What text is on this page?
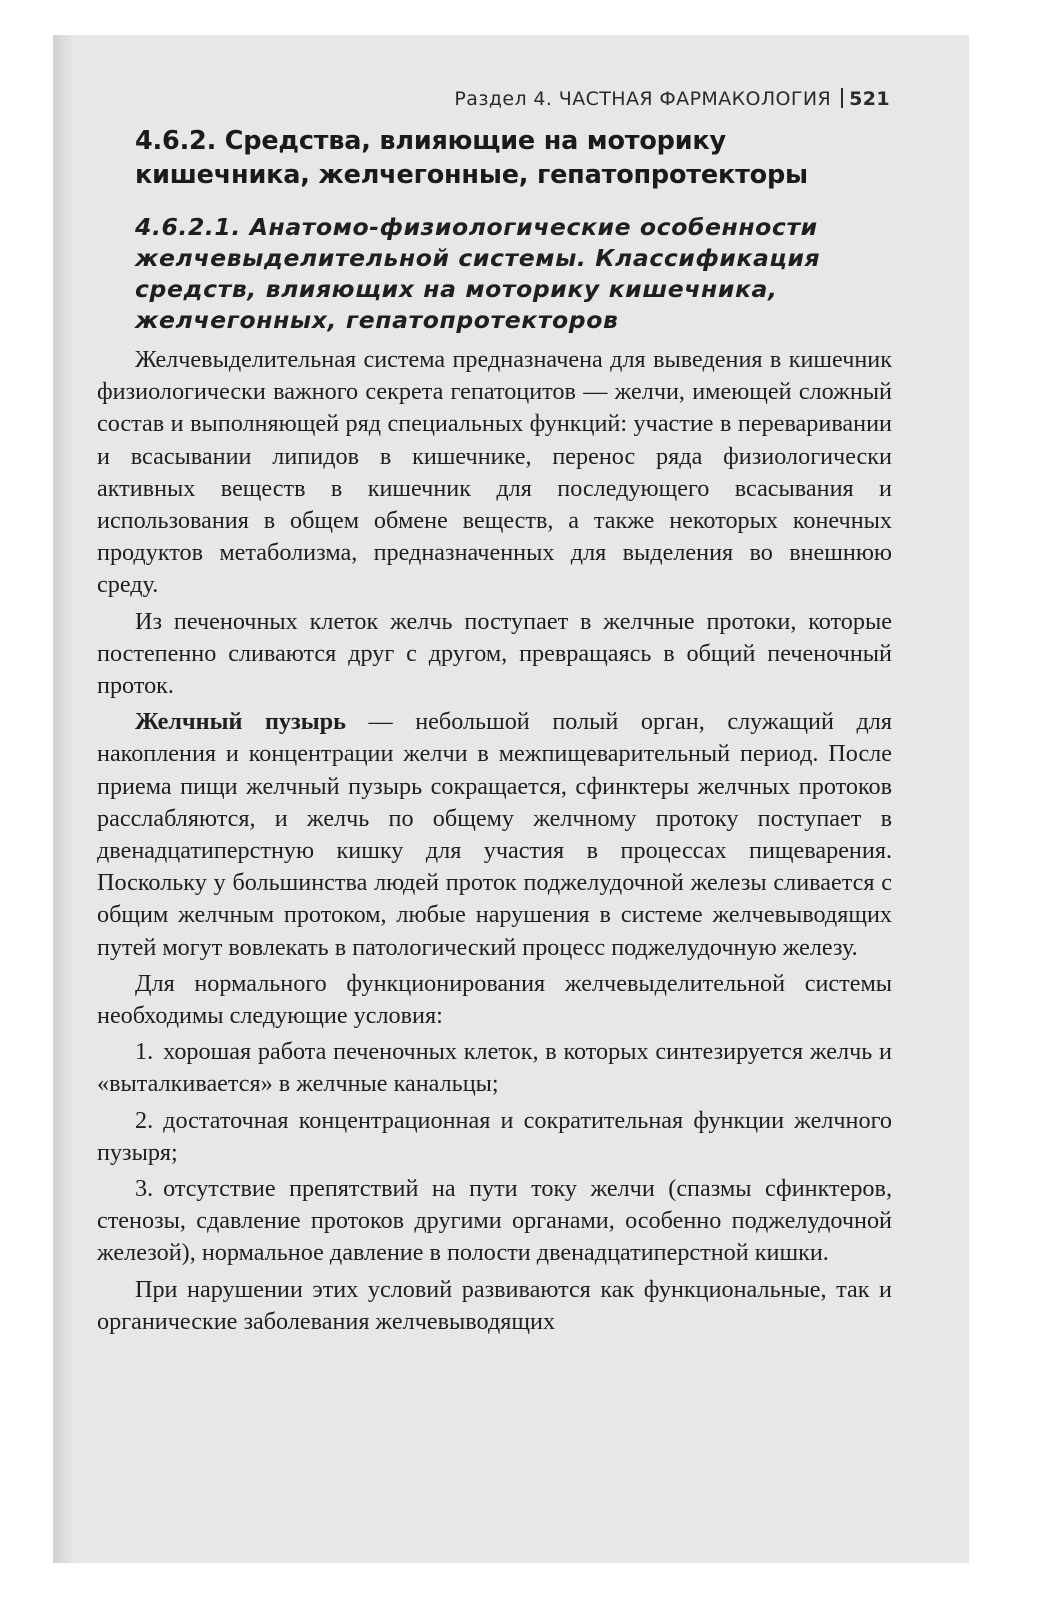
Раздел 4. ЧАСТНАЯ ФАРМАКОЛОГИЯ 521
4.6.2. Средства, влияющие на моторику кишечника, желчегонные, гепатопротекторы
4.6.2.1. Анатомо-физиологические особенности желчевыделительной системы. Классификация средств, влияющих на моторику кишечника, желчегонных, гепатопротекторов

Желчевыделительная система предназначена для выведения в кишечник физиологически важного секрета гепатоцитов — желчи, имеющей сложный состав и выполняющей ряд специальных функций: участие в переваривании и всасывании липидов в кишечнике, перенос ряда физиологически активных веществ в кишечник для последующего всасывания и использования в общем обмене веществ, а также некоторых конечных продуктов метаболизма, предназначенных для выделения во внешнюю среду.

Из печеночных клеток желчь поступает в желчные протоки, которые постепенно сливаются друг с другом, превращаясь в общий печеночный проток.

Желчный пузырь — небольшой полый орган, служащий для накопления и концентрации желчи в межпищеварительный период. После приема пищи желчный пузырь сокращается, сфинктеры желчных протоков расслабляются, и желчь по общему желчному протоку поступает в двенадцатиперстную кишку для участия в процессах пищеварения. Поскольку у большинства людей проток поджелудочной железы сливается с общим желчным протоком, любые нарушения в системе желчевыводящих путей могут вовлекать в патологический процесс поджелудочную железу.

Для нормального функционирования желчевыделительной системы необходимы следующие условия:

1. хорошая работа печеночных клеток, в которых синтезируется желчь и «выталкивается» в желчные канальцы;

2. достаточная концентрационная и сократительная функции желчного пузыря;

3. отсутствие препятствий на пути току желчи (спазмы сфинктеров, стенозы, сдавление протоков другими органами, особенно поджелудочной железой), нормальное давление в полости двенадцатиперстной кишки.

При нарушении этих условий развиваются как функциональные, так и органические заболевания желчевыводящих
